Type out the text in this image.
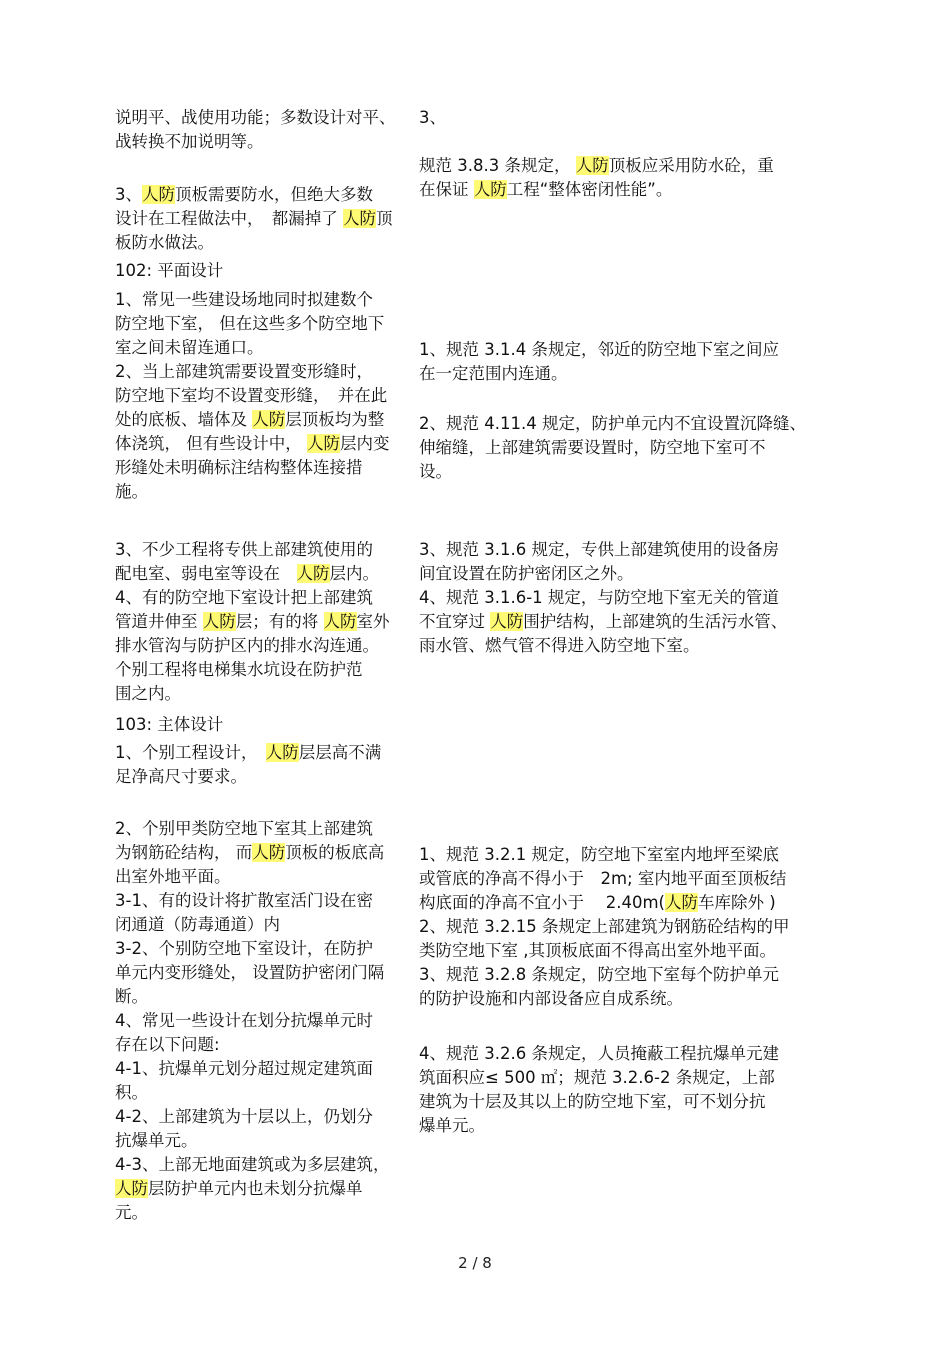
说明平、战使用功能；多数设计对平、
战转换不加说明等。
3、人防顶板需要防水，但绝大多数
设计在工程做法中，　都漏掉了 人防顶
板防水做法。
102: 平面设计
1、常见一些建设场地同时拟建数个
防空地下室， 但在这些多个防空地下
室之间未留连通口。
2、当上部建筑需要设置变形缝时，
防空地下室均不设置变形缝，　并在此
处的底板、墙体及 人防层顶板均为整
体浇筑， 但有些设计中， 人防层内变
形缝处未明确标注结构整体连接措
施。
3、不少工程将专供上部建筑使用的
配电室、弱电室等设在　人防层内。
4、有的防空地下室设计把上部建筑
管道井伸至 人防层；有的将 人防室外
排水管沟与防护区内的排水沟连通。
个别工程将电梯集水坑设在防护范
围之内。
103: 主体设计
1、个别工程设计，　人防层层高不满
足净高尺寸要求。
2、个别甲类防空地下室其上部建筑
为钢筋砼结构， 而人防顶板的板底高
出室外地平面。
3-1、有的设计将扩散室活门设在密
闭通道（防毒通道）内
3-2、个别防空地下室设计，在防护
单元内变形缝处， 设置防护密闭门隔
断。
4、常见一些设计在划分抗爆单元时
存在以下问题:
4-1、抗爆单元划分超过规定建筑面
积。
4-2、上部建筑为十层以上，仍划分
抗爆单元。
4-3、上部无地面建筑或为多层建筑，
人防层防护单元内也未划分抗爆单
元。
3、
规范 3.8.3 条规定， 人防顶板应采用防水砼，重
在保证 人防工程“整体密闭性能”。
1、规范 3.1.4 条规定，邻近的防空地下室之间应
在一定范围内连通。
2、规范 4.11.4 规定，防护单元内不宜设置沉降缝、
伸缩缝，上部建筑需要设置时，防空地下室可不
设。
3、规范 3.1.6 规定，专供上部建筑使用的设备房
间宜设置在防护密闭区之外。
4、规范 3.1.6-1 规定，与防空地下室无关的管道
不宜穿过 人防围护结构，上部建筑的生活污水管、
雨水管、燃气管不得进入防空地下室。
1、规范 3.2.1 规定，防空地下室室内地坪至梁底
或管底的净高不得小于　2m; 室内地平面至顶板结
构底面的净高不宜小于　 2.40m(人防车库除外 )
2、规范 3.2.15 条规定上部建筑为钢筋砼结构的甲
类防空地下室 ,其顶板底面不得高出室外地平面。
3、规范 3.2.8 条规定，防空地下室每个防护单元
的防护设施和内部设备应自成系统。
4、规范 3.2.6 条规定，人员掩蔽工程抗爆单元建
筑面积应≤ 500 ㎡；规范 3.2.6-2 条规定，上部
建筑为十层及其以上的防空地下室，可不划分抗
爆单元。
2 / 8
